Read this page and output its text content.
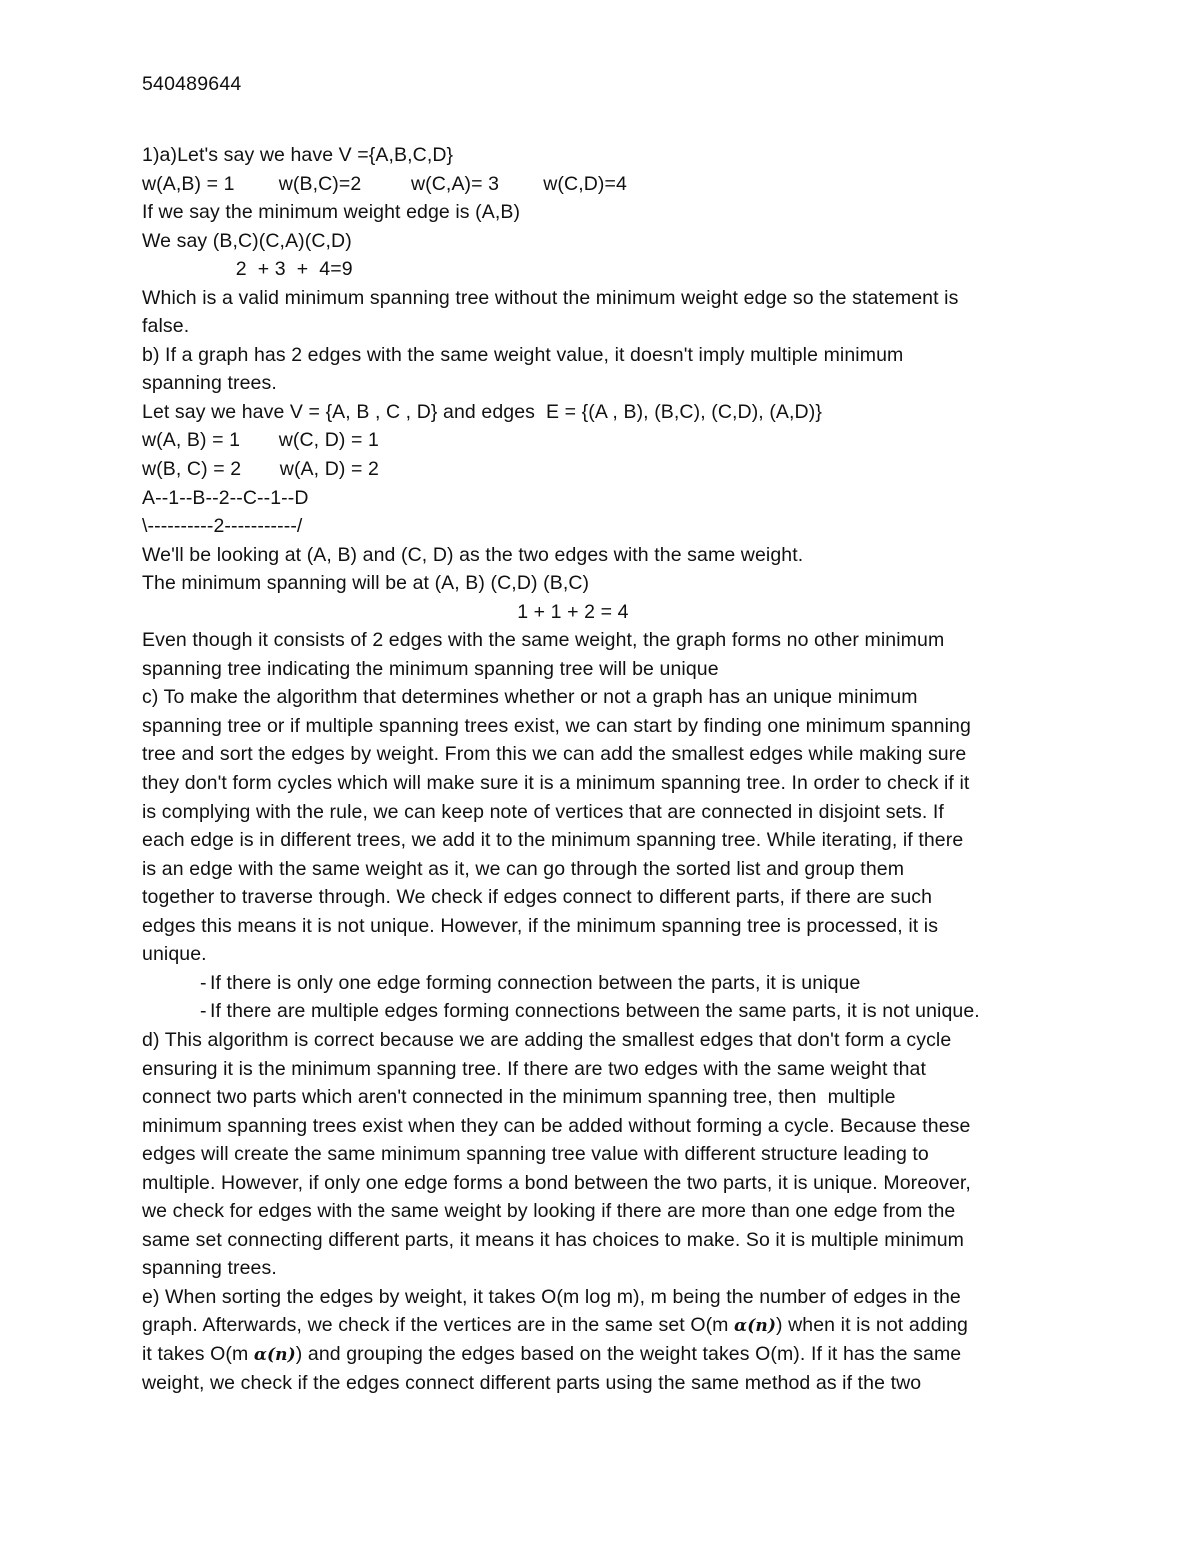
540489644
1)a)Let's say we have V ={A,B,C,D}
w(A,B) = 1        w(B,C)=2         w(C,A)= 3        w(C,D)=4
If we say the minimum weight edge is (A,B)
We say (B,C)(C,A)(C,D)
2  + 3  +  4=9
Which is a valid minimum spanning tree without the minimum weight edge so the statement is
false.
b) If a graph has 2 edges with the same weight value, it doesn't imply multiple minimum
spanning trees.
Let say we have V = {A, B , C , D} and edges  E = {(A , B), (B,C), (C,D), (A,D)}
w(A, B) = 1       w(C, D) = 1
w(B, C) = 2       w(A, D) = 2
A--1--B--2--C--1--D
\----------2-----------/
We'll be looking at (A, B) and (C, D) as the two edges with the same weight.
The minimum spanning will be at (A, B) (C,D) (B,C)
1 + 1 + 2 = 4
Even though it consists of 2 edges with the same weight, the graph forms no other minimum
spanning tree indicating the minimum spanning tree will be unique
c) To make the algorithm that determines whether or not a graph has an unique minimum
spanning tree or if multiple spanning trees exist, we can start by finding one minimum spanning
tree and sort the edges by weight. From this we can add the smallest edges while making sure
they don't form cycles which will make sure it is a minimum spanning tree. In order to check if it
is complying with the rule, we can keep note of vertices that are connected in disjoint sets. If
each edge is in different trees, we add it to the minimum spanning tree. While iterating, if there
is an edge with the same weight as it, we can go through the sorted list and group them
together to traverse through. We check if edges connect to different parts, if there are such
edges this means it is not unique. However, if the minimum spanning tree is processed, it is
unique.

-

If there is only one edge forming connection between the parts, it is unique

-

If there are multiple edges forming connections between the same parts, it is not unique.

d) This algorithm is correct because we are adding the smallest edges that don't form a cycle
ensuring it is the minimum spanning tree. If there are two edges with the same weight that
connect two parts which aren't connected in the minimum spanning tree, then  multiple
minimum spanning trees exist when they can be added without forming a cycle. Because these
edges will create the same minimum spanning tree value with different structure leading to
multiple. However, if only one edge forms a bond between the two parts, it is unique. Moreover,
we check for edges with the same weight by looking if there are more than one edge from the
same set connecting different parts, it means it has choices to make. So it is multiple minimum
spanning trees.
e) When sorting the edges by weight, it takes O(m log m), m being the number of edges in the
graph. Afterwards, we check if the vertices are in the same set O(m α(n)) when it is not adding
it takes O(m α(n)) and grouping the edges based on the weight takes O(m). If it has the same
weight, we check if the edges connect different parts using the same method as if the two
